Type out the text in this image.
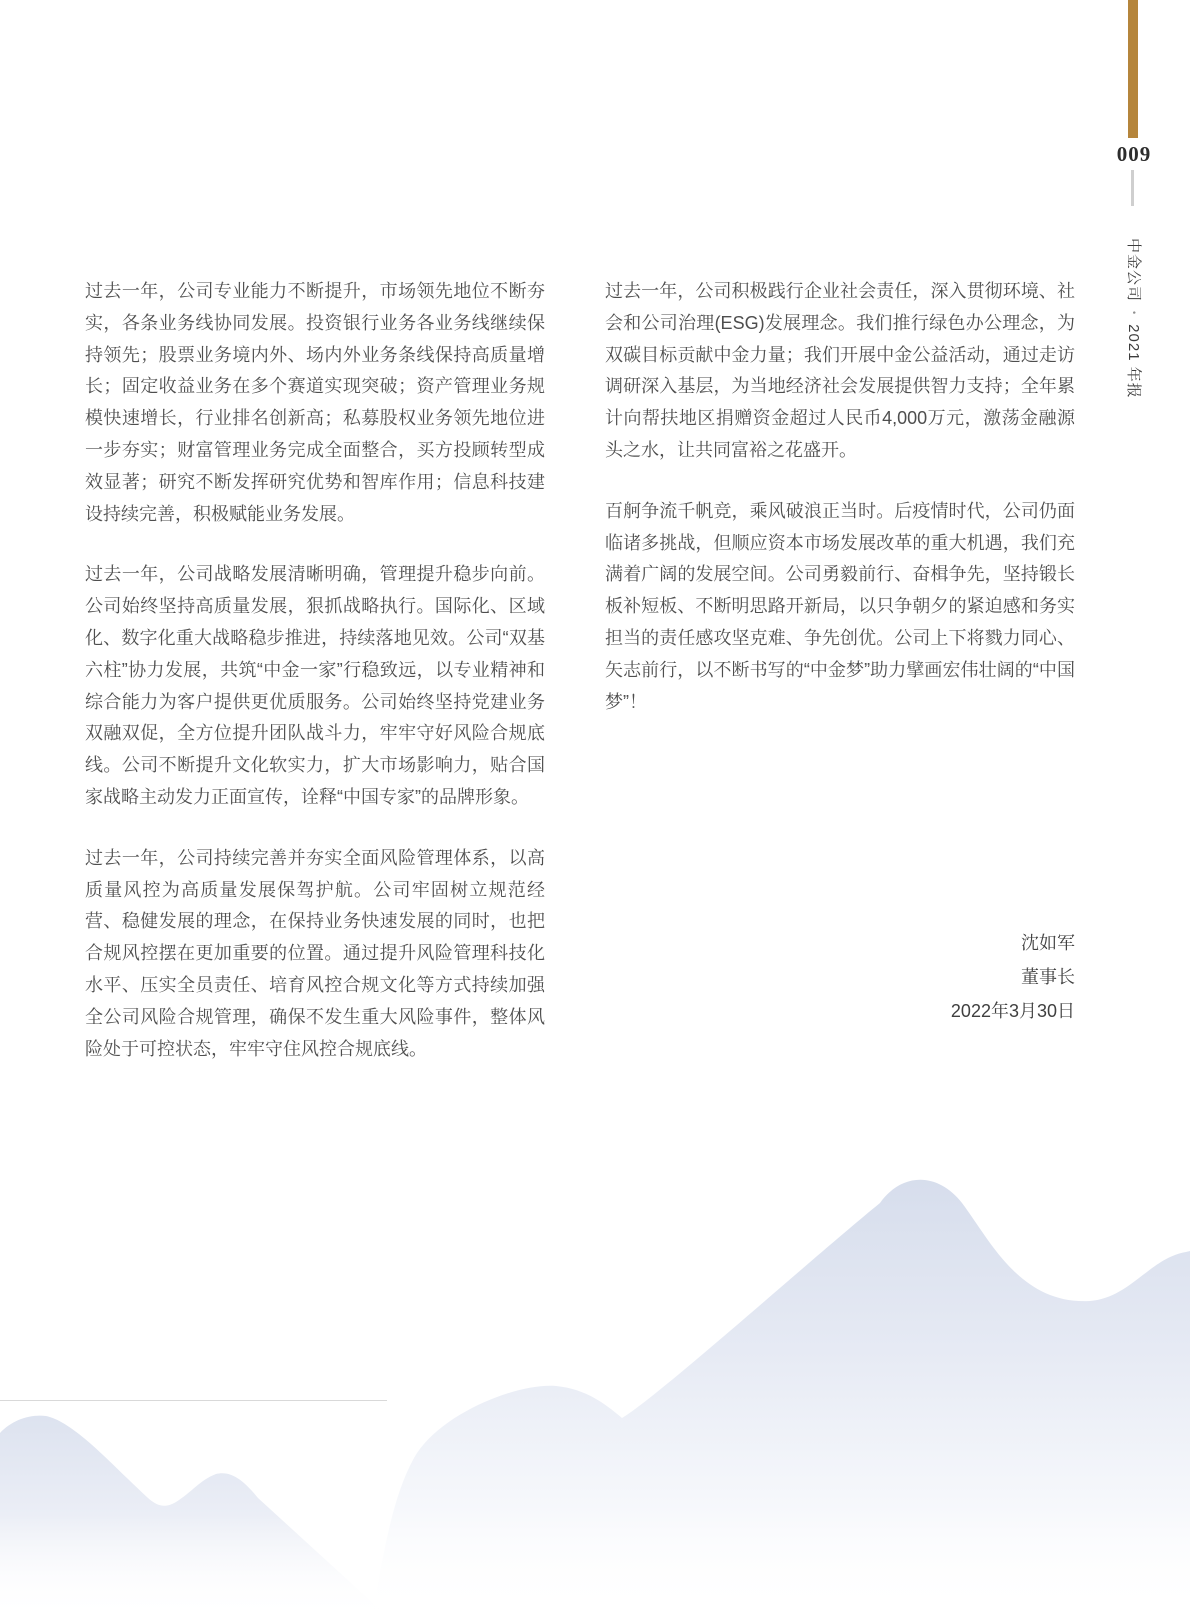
009
中金公司•2021 年报

过去一年，公司专业能力不断提升，市场领先地位不断夯实，各条业务线协同发展。投资银行业务各业务线继续保持领先；股票业务境内外、场内外业务条线保持高质量增长；固定收益业务在多个赛道实现突破；资产管理业务规模快速增长，行业排名创新高；私募股权业务领先地位进一步夯实；财富管理业务完成全面整合，买方投顾转型成效显著；研究不断发挥研究优势和智库作用；信息科技建设持续完善，积极赋能业务发展。

过去一年，公司战略发展清晰明确，管理提升稳步向前。公司始终坚持高质量发展，狠抓战略执行。国际化、区域化、数字化重大战略稳步推进，持续落地见效。公司“双基六柱”协力发展，共筑“中金一家”行稳致远，以专业精神和综合能力为客户提供更优质服务。公司始终坚持党建业务双融双促，全方位提升团队战斗力，牢牢守好风险合规底线。公司不断提升文化软实力，扩大市场影响力，贴合国家战略主动发力正面宣传，诠释“中国专家”的品牌形象。

过去一年，公司持续完善并夯实全面风险管理体系，以高质量风控为高质量发展保驾护航。公司牢固树立规范经营、稳健发展的理念，在保持业务快速发展的同时，也把合规风控摆在更加重要的位置。通过提升风险管理科技化水平、压实全员责任、培育风控合规文化等方式持续加强全公司风险合规管理，确保不发生重大风险事件，整体风险处于可控状态，牢牢守住风控合规底线。

过去一年，公司积极践行企业社会责任，深入贯彻环境、社会和公司治理(ESG)发展理念。我们推行绿色办公理念，为双碳目标贡献中金力量；我们开展中金公益活动，通过走访调研深入基层，为当地经济社会发展提供智力支持；全年累计向帮扶地区捐赠资金超过人民币4,000万元，激荡金融源头之水，让共同富裕之花盛开。

百舸争流千帆竞，乘风破浪正当时。后疫情时代，公司仍面临诸多挑战，但顺应资本市场发展改革的重大机遇，我们充满着广阔的发展空间。公司勇毅前行、奋楫争先，坚持锻长板补短板、不断明思路开新局，以只争朝夕的紧迫感和务实担当的责任感攻坚克难、争先创优。公司上下将戮力同心、矢志前行，以不断书写的“中金梦”助力擘画宏伟壮阔的“中国梦”！

沈如军
董事长
2022年3月30日
